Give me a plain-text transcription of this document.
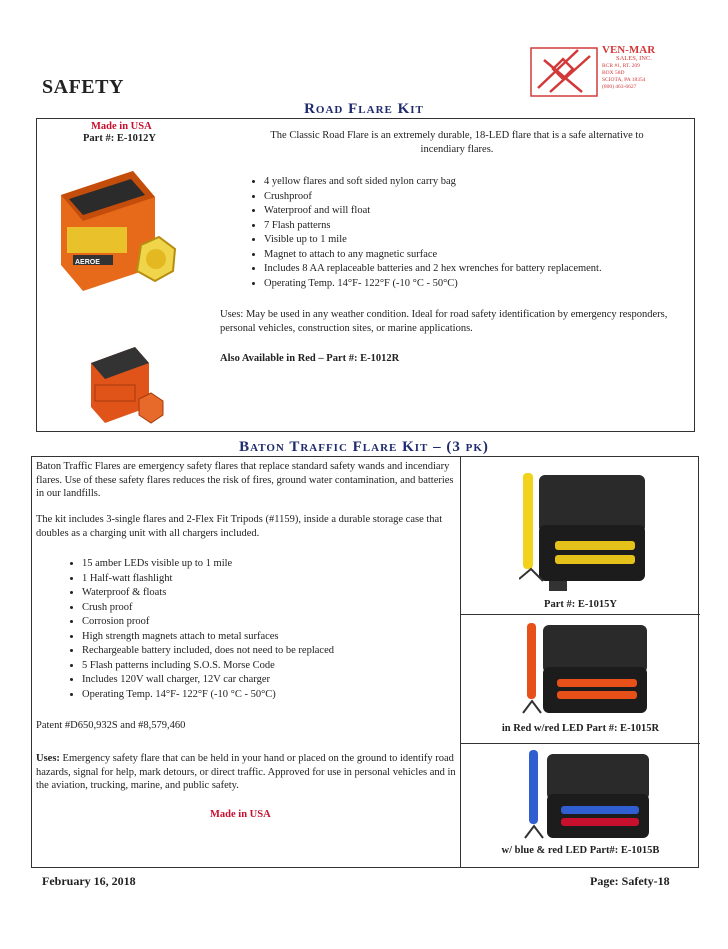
SAFETY
VEN-MAR
SALES, INC.
RCR #1, RT. 209
BOX 58D
SCIOTA, PA 18354
(800) 463-6627
Road Flare Kit
Made in USA
Part #: E-1012Y
AEROE
The Classic Road Flare is an extremely durable, 18-LED flare that is a safe alternative to incendiary flares.
• 4 yellow flares and soft sided nylon carry bag
• Crushproof
• Waterproof and will float
• 7 Flash patterns
• Visible up to 1 mile
• Magnet to attach to any magnetic surface
• Includes 8 AA replaceable batteries and 2 hex wrenches for battery replacement.
• Operating Temp. 14°F- 122°F (-10 °C - 50°C)
Uses: May be used in any weather condition. Ideal for road safety identification by emergency responders, personal vehicles, construction sites, or marine applications.
Also Available in Red – Part #: E-1012R
Baton Traffic Flare Kit – (3 pk)
Baton Traffic Flares are emergency safety flares that replace standard safety wands and incendiary flares. Use of these safety flares reduces the risk of fires, ground water contamination, and batteries in our landfills.
The kit includes 3-single flares and 2-Flex Fit Tripods (#1159), inside a durable storage case that doubles as a charging unit with all chargers included.
• 15 amber LEDs visible up to 1 mile
• 1 Half-watt flashlight
• Waterproof & floats
• Crush proof
• Corrosion proof
• High strength magnets attach to metal surfaces
• Rechargeable battery included, does not need to be replaced
• 5 Flash patterns including S.O.S. Morse Code
• Includes 120V wall charger, 12V car charger
• Operating Temp. 14°F- 122°F (-10 °C - 50°C)
Patent #D650,932S and #8,579,460
Uses: Emergency safety flare that can be held in your hand or placed on the ground to identify road hazards, signal for help, mark detours, or direct traffic. Approved for use in personal vehicles and in the aviation, trucking, marine, and public safety.
Made in USA
Part #: E-1015Y
in Red w/red LED Part #: E-1015R
w/ blue & red LED Part#: E-1015B
February 16, 2018	Page: Safety-18
